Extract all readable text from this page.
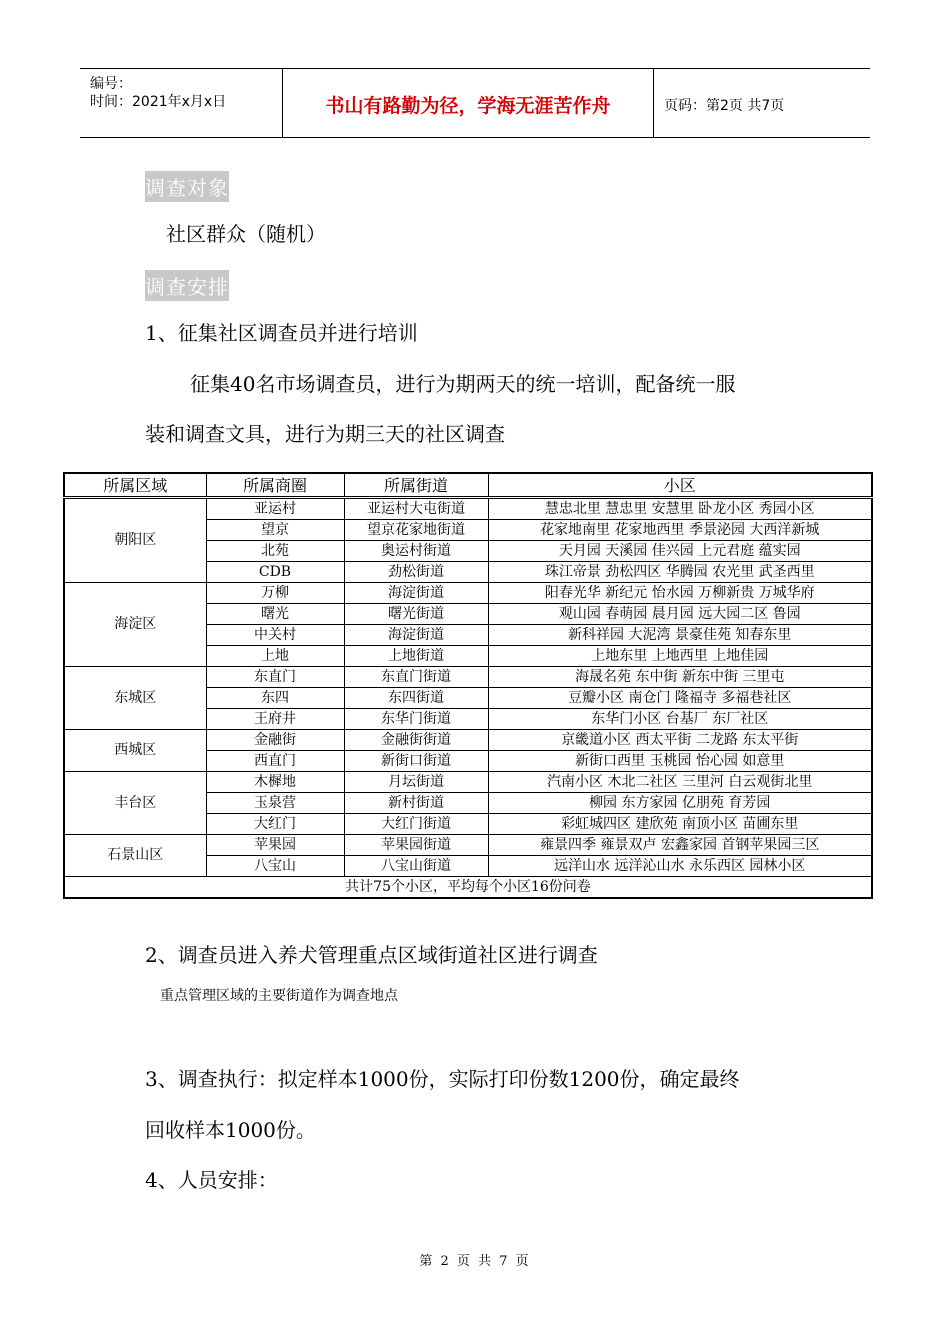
编号：
时间：2021年x月x日	书山有路勤为径，学海无涯苦作舟	页码：第2页 共7页
调查对象
社区群众（随机）
调查安排
1、征集社区调查员并进行培训
征集40名市场调查员，进行为期两天的统一培训，配备统一服
装和调查文具，进行为期三天的社区调查
所属区域	所属商圈	所属街道	小区
朝阳区	亚运村	亚运村大屯街道	慧忠北里 慧忠里 安慧里 卧龙小区 秀园小区
	望京	望京花家地街道	花家地南里 花家地西里 季景泌园 大西洋新城
	北苑	奥运村街道	天月园 天溪园 佳兴园 上元君庭 蕴实园
	CDB	劲松街道	珠江帝景 劲松四区 华腾园 农光里 武圣西里
海淀区	万柳	海淀街道	阳春光华 新纪元 怡水园 万柳新贵 万城华府
	曙光	曙光街道	观山园 春萌园 晨月园 远大园二区 鲁园
	中关村	海淀街道	新科祥园 大泥湾 景豪佳苑 知春东里
	上地	上地街道	上地东里 上地西里 上地佳园
东城区	东直门	东直门街道	海晟名苑 东中街 新东中街 三里屯
	东四	东四街道	豆瓣小区 南仓门 隆福寺 多福巷社区
	王府井	东华门街道	东华门小区 台基厂 东厂社区
西城区	金融街	金融街街道	京畿道小区 西太平街 二龙路 东太平街
	西直门	新街口街道	新街口西里 玉桃园 怡心园 如意里
丰台区	木樨地	月坛街道	汽南小区 木北二社区 三里河 白云观街北里
	玉泉营	新村街道	柳园 东方家园 亿朋苑 育芳园
	大红门	大红门街道	彩虹城四区 建欣苑 南顶小区 苗圃东里
石景山区	苹果园	苹果园街道	雍景四季 雍景双卢 宏鑫家园 首钢苹果园三区
	八宝山	八宝山街道	远洋山水 远洋沁山水 永乐西区 园林小区
共计75个小区，平均每个小区16份问卷			
2、调查员进入养犬管理重点区域街道社区进行调查
重点管理区域的主要街道作为调查地点
3、调查执行：拟定样本1000份，实际打印份数1200份，确定最终
回收样本1000份。
4、人员安排：
第 2 页 共 7 页
